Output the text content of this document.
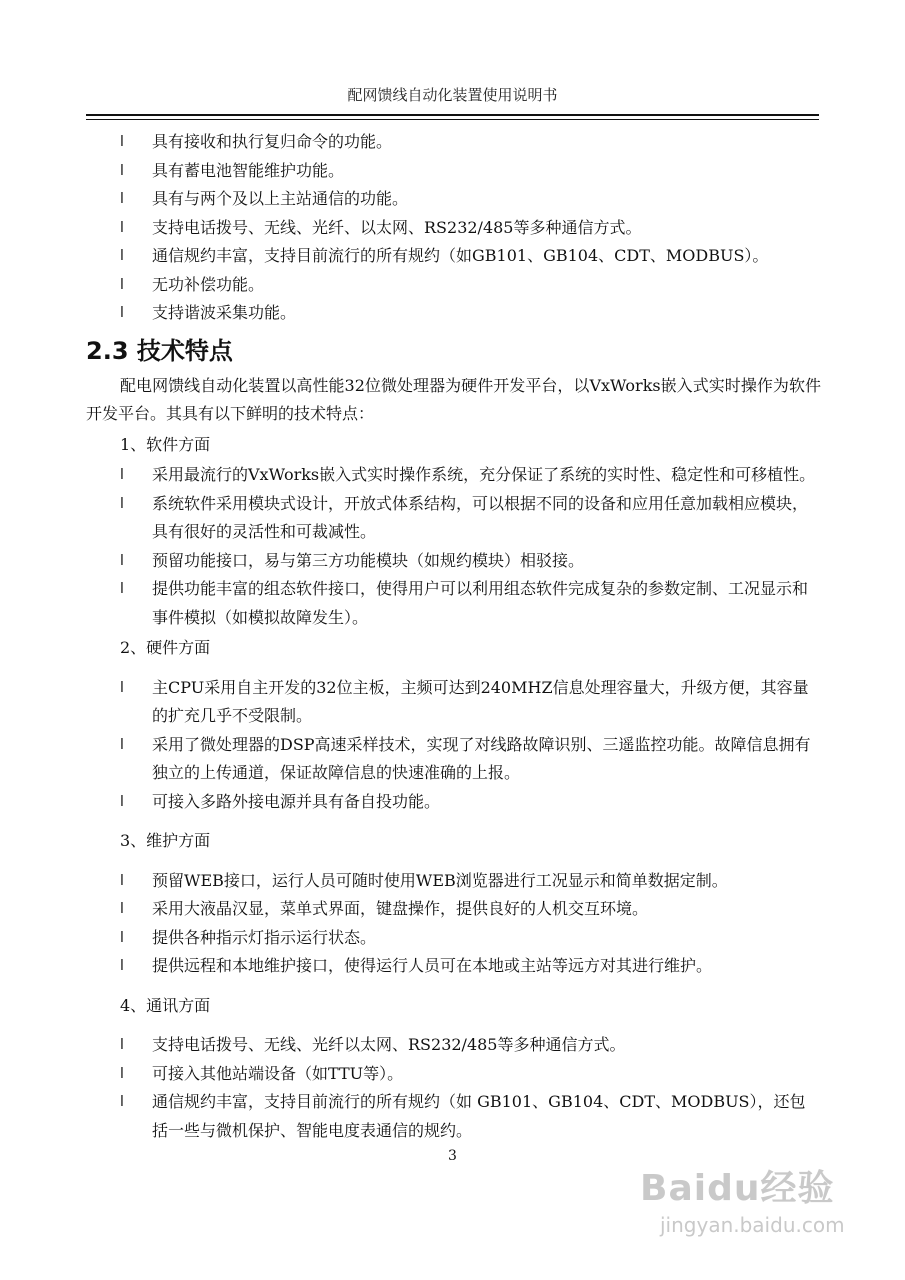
配网馈线自动化装置使用说明书
l 具有接收和执行复归命令的功能。
l 具有蓄电池智能维护功能。
l 具有与两个及以上主站通信的功能。
l 支持电话拨号、无线、光纤、以太网、RS232/485等多种通信方式。
l 通信规约丰富，支持目前流行的所有规约（如GB101、GB104、CDT、MODBUS）。
l 无功补偿功能。
l 支持谐波采集功能。
2.3 技术特点
配电网馈线自动化装置以高性能32位微处理器为硬件开发平台，以VxWorks嵌入式实时操作为软件开发平台。其具有以下鲜明的技术特点：
1、软件方面
l 采用最流行的VxWorks嵌入式实时操作系统，充分保证了系统的实时性、稳定性和可移植性。
l 系统软件采用模块式设计，开放式体系结构，可以根据不同的设备和应用任意加载相应模块，具有很好的灵活性和可裁减性。
l 预留功能接口，易与第三方功能模块（如规约模块）相驳接。
l 提供功能丰富的组态软件接口，使得用户可以利用组态软件完成复杂的参数定制、工况显示和事件模拟（如模拟故障发生）。
2、硬件方面
l 主CPU采用自主开发的32位主板，主频可达到240MHZ信息处理容量大，升级方便，其容量的扩充几乎不受限制。
l 采用了微处理器的DSP高速采样技术，实现了对线路故障识别、三遥监控功能。故障信息拥有独立的上传通道，保证故障信息的快速准确的上报。
l 可接入多路外接电源并具有备自投功能。
3、维护方面
l 预留WEB接口，运行人员可随时使用WEB浏览器进行工况显示和简单数据定制。
l 采用大液晶汉显，菜单式界面，键盘操作，提供良好的人机交互环境。
l 提供各种指示灯指示运行状态。
l 提供远程和本地维护接口，使得运行人员可在本地或主站等远方对其进行维护。
4、通讯方面
l 支持电话拨号、无线、光纤以太网、RS232/485等多种通信方式。
l 可接入其他站端设备（如TTU等）。
l 通信规约丰富，支持目前流行的所有规约（如 GB101、GB104、CDT、MODBUS），还包括一些与微机保护、智能电度表通信的规约。
3
Baidu经验
jingyan.baidu.com
